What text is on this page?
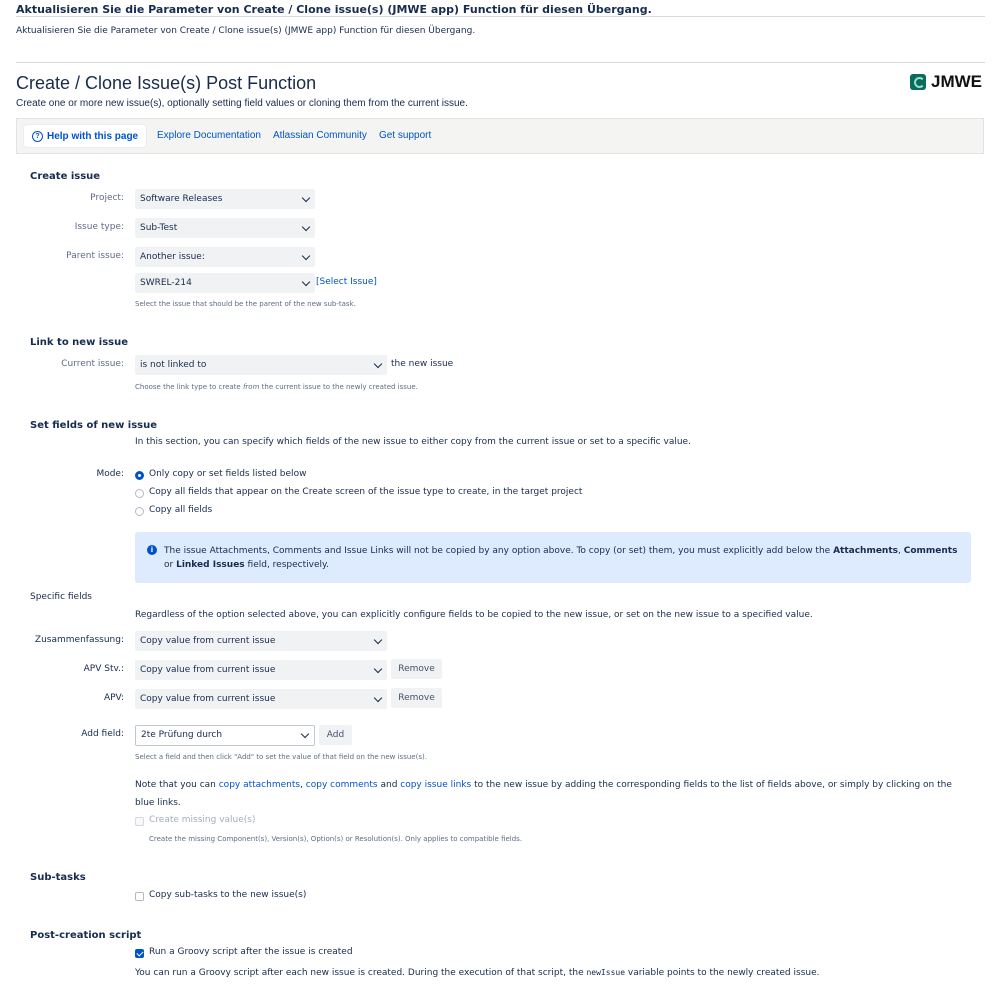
Aktualisieren Sie die Parameter von Create / Clone issue(s) (JMWE app) Function für diesen Übergang.
Aktualisieren Sie die Parameter von Create / Clone issue(s) (JMWE app) Function für diesen Übergang.
Create / Clone Issue(s) Post Function
Create one or more new issue(s), optionally setting field values or cloning them from the current issue.
JMWE
? Help with this page Explore Documentation Atlassian Community Get support
Create issue
Project:	Software Releases
Issue type:	Sub-Test
Parent issue:	Another issue:
SWREL-214	[Select Issue]
Select the issue that should be the parent of the new sub-task.
Link to new issue
Current issue:	is not linked to	the new issue
Choose the link type to create from the current issue to the newly created issue.
Set fields of new issue
In this section, you can specify which fields of the new issue to either copy from the current issue or set to a specific value.
Mode:	Only copy or set fields listed below
Copy all fields that appear on the Create screen of the issue type to create, in the target project
Copy all fields
i	The issue Attachments, Comments and Issue Links will not be copied by any option above. To copy (or set) them, you must explicitly add below the Attachments, Comments or Linked Issues field, respectively.
Specific fields
Regardless of the option selected above, you can explicitly configure fields to be copied to the new issue, or set on the new issue to a specified value.
Zusammenfassung:	Copy value from current issue
APV Stv.:	Copy value from current issue	Remove
APV:	Copy value from current issue	Remove
Add field:	2te Prüfung durch	Add
Select a field and then click "Add" to set the value of that field on the new issue(s).
Note that you can copy attachments, copy comments and copy issue links to the new issue by adding the corresponding fields to the list of fields above, or simply by clicking on the
blue links.
Create missing value(s)
Create the missing Component(s), Version(s), Option(s) or Resolution(s). Only applies to compatible fields.
Sub-tasks
Copy sub-tasks to the new issue(s)
Post-creation script
Run a Groovy script after the issue is created
You can run a Groovy script after each new issue is created. During the execution of that script, the newIssue variable points to the newly created issue.
